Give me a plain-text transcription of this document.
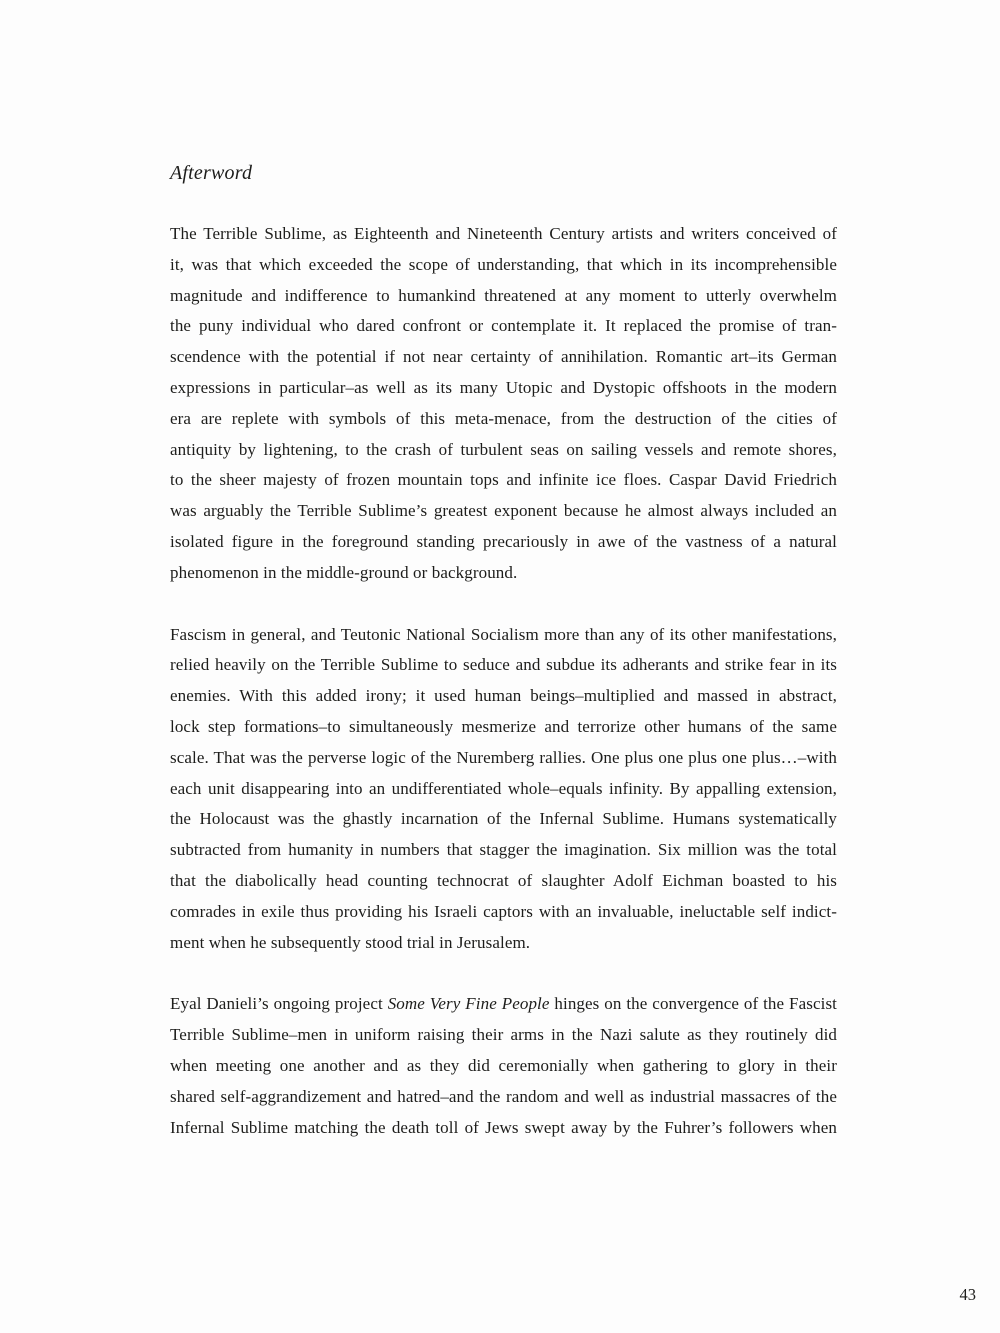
Afterword
The Terrible Sublime, as Eighteenth and Nineteenth Century artists and writers conceived of
it, was that which exceeded the scope of understanding, that which in its incomprehensible
magnitude and indifference to humankind threatened at any moment to utterly overwhelm
the puny individual who dared confront or contemplate it. It replaced the promise of tran-
scendence with the potential if not near certainty of annihilation. Romantic art–its German
expressions in particular–as well as its many Utopic and Dystopic offshoots in the modern
era are replete with symbols of this meta-menace, from the destruction of the cities of
antiquity by lightening, to the crash of turbulent seas on sailing vessels and remote shores,
to the sheer majesty of frozen mountain tops and infinite ice floes. Caspar David Friedrich
was arguably the Terrible Sublime’s greatest exponent because he almost always included an
isolated figure in the foreground standing precariously in awe of the vastness of a natural
phenomenon in the middle-ground or background.
Fascism in general, and Teutonic National Socialism more than any of its other manifestations,
relied heavily on the Terrible Sublime to seduce and subdue its adherants and strike fear in its
enemies. With this added irony; it used human beings–multiplied and massed in abstract,
lock step formations–to simultaneously mesmerize and terrorize other humans of the same
scale. That was the perverse logic of the Nuremberg rallies. One plus one plus one plus…–with
each unit disappearing into an undifferentiated whole–equals infinity. By appalling extension,
the Holocaust was the ghastly incarnation of the Infernal Sublime. Humans systematically
subtracted from humanity in numbers that stagger the imagination. Six million was the total
that the diabolically head counting technocrat of slaughter Adolf Eichman boasted to his
comrades in exile thus providing his Israeli captors with an invaluable, ineluctable self indict-
ment when he subsequently stood trial in Jerusalem.
Eyal Danieli’s ongoing project Some Very Fine People hinges on the convergence of the Fascist
Terrible Sublime–men in uniform raising their arms in the Nazi salute as they routinely did
when meeting one another and as they did ceremonially when gathering to glory in their
shared self-aggrandizement and hatred–and the random and well as industrial massacres of the
Infernal Sublime matching the death toll of Jews swept away by the Fuhrer’s followers when
43
